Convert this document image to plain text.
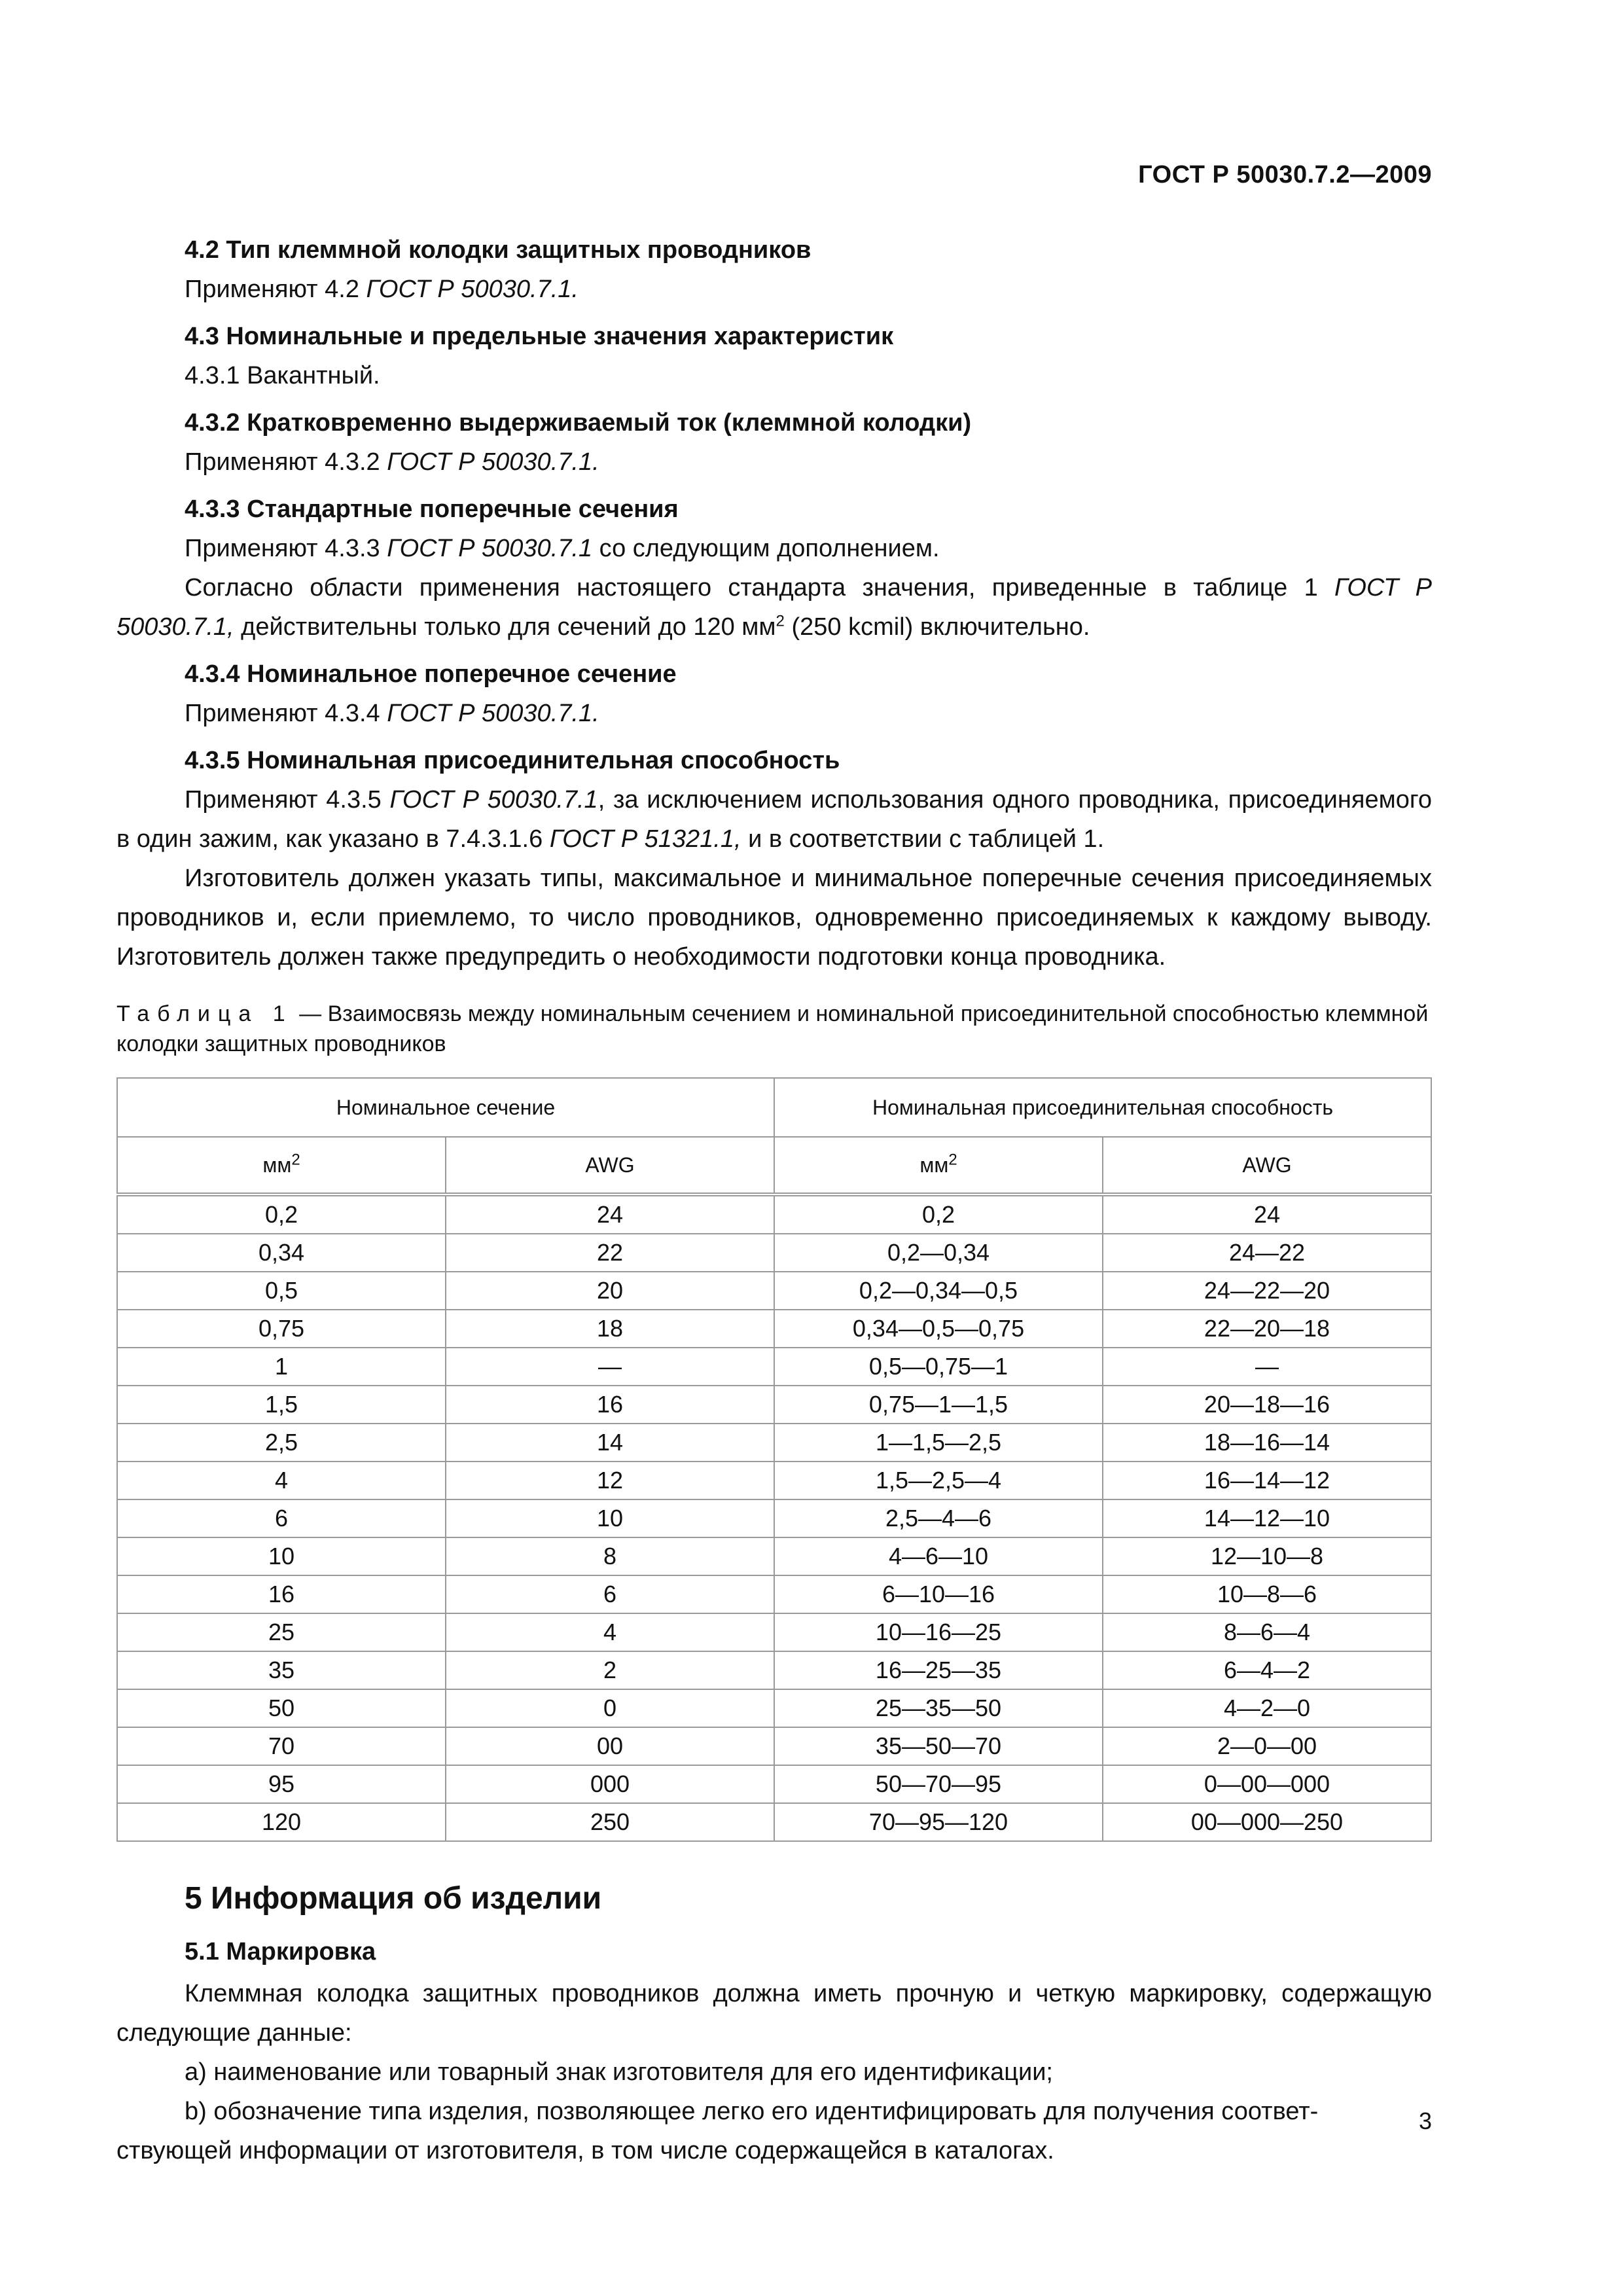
ГОСТ Р 50030.7.2—2009

4.2 Тип клеммной колодки защитных проводников

Применяют 4.2 ГОСТ Р 50030.7.1.

4.3 Номинальные и предельные значения характеристик

4.3.1 Вакантный.

4.3.2 Кратковременно выдерживаемый ток (клеммной колодки)

Применяют 4.3.2 ГОСТ Р 50030.7.1.

4.3.3 Стандартные поперечные сечения

Применяют 4.3.3 ГОСТ Р 50030.7.1 со следующим дополнением.

Согласно области применения настоящего стандарта значения, приведенные в таблице 1 ГОСТ Р 50030.7.1, действительны только для сечений до 120 $мм^2$ (250 kcmil) включительно.

4.3.4 Номинальное поперечное сечение

Применяют 4.3.4 ГОСТ Р 50030.7.1.

4.3.5 Номинальная присоединительная способность

Применяют 4.3.5 ГОСТ Р 50030.7.1, за исключением использования одного проводника, присоединяемого в один зажим, как указано в 7.4.3.1.6 ГОСТ Р 51321.1, и в соответствии с таблицей 1.

Изготовитель должен указать типы, максимальное и минимальное поперечные сечения присоединяемых проводников и, если приемлемо, то число проводников, одновременно присоединяемых к каждому выводу. Изготовитель должен также предупредить о необходимости подготовки конца проводника.

Таблица 1 — Взаимосвязь между номинальным сечением и номинальной присоединительной способностью клеммной колодки защитных проводников

Номинальное сечение		Номинальная присоединительная способность	
$мм^2$	AWG	$мм^2$	AWG
0,2	24	0,2	24
0,34	22	0,2—0,34	24—22
0,5	20	0,2—0,34—0,5	24—22—20
0,75	18	0,34—0,5—0,75	22—20—18
1	—	0,5—0,75—1	—
1,5	16	0,75—1—1,5	20—18—16
2,5	14	1—1,5—2,5	18—16—14
4	12	1,5—2,5—4	16—14—12
6	10	2,5—4—6	14—12—10
10	8	4—6—10	12—10—8
16	6	6—10—16	10—8—6
25	4	10—16—25	8—6—4
35	2	16—25—35	6—4—2
50	0	25—35—50	4—2—0
70	00	35—50—70	2—0—00
95	000	50—70—95	0—00—000
120	250	70—95—120	00—000—250

5 Информация об изделии

5.1 Маркировка

Клеммная колодка защитных проводников должна иметь прочную и четкую маркировку, содержащую следующие данные:

a) наименование или товарный знак изготовителя для его идентификации;

b) обозначение типа изделия, позволяющее легко его идентифицировать для получения соответ-

ствующей информации от изготовителя, в том числе содержащейся в каталогах.

3
